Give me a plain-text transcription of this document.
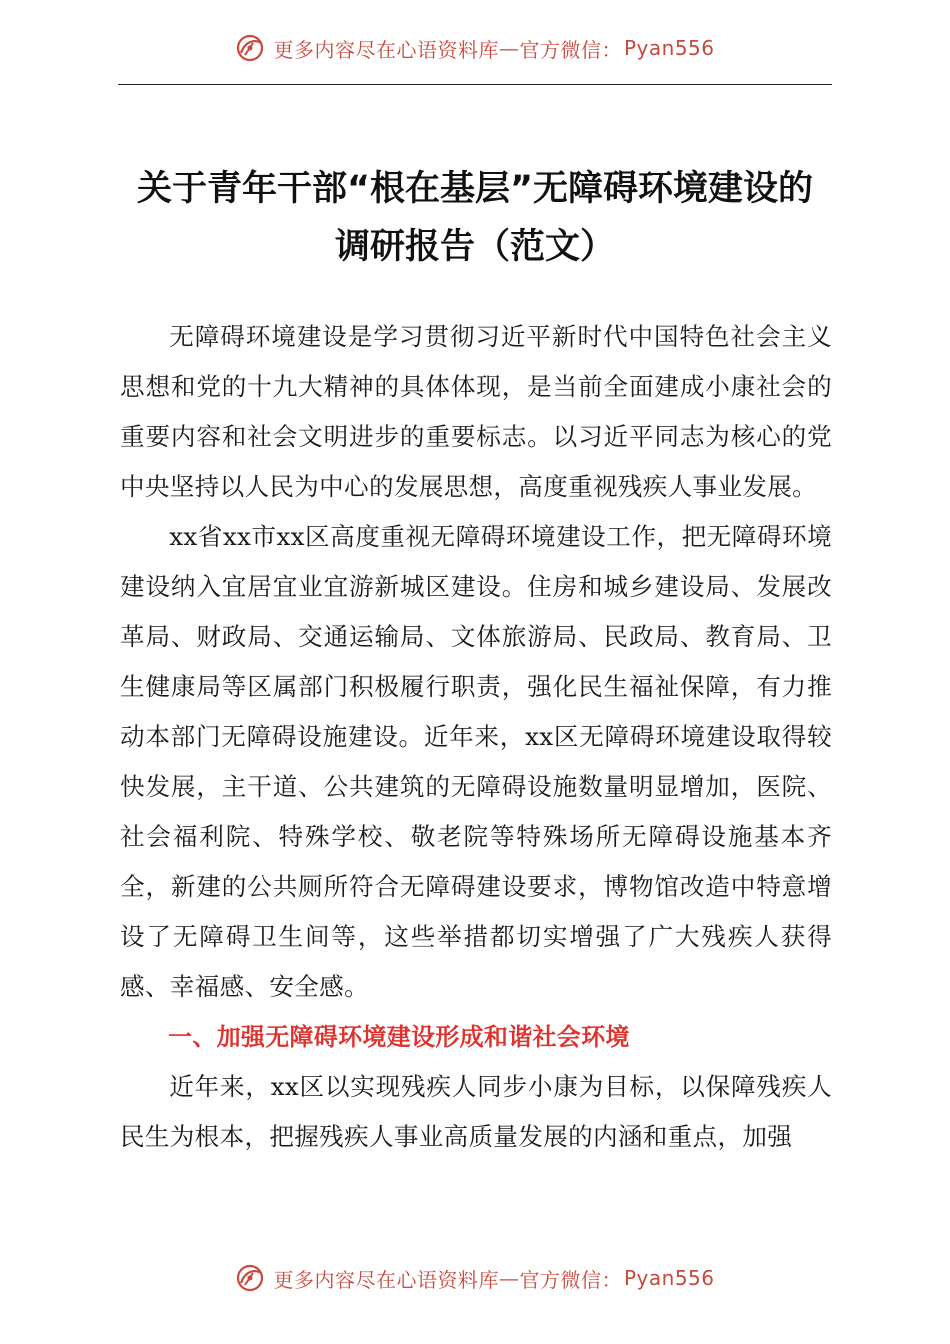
更多内容尽在心语资料库 — 官方微信： Pyan556
关于青年干部“根在基层”无障碍环境建设的
调研报告（范文）

无障碍环境建设是学习贯彻习近平新时代中国特色社会主义思想和党的十九大精神的具体体现，是当前全面建成小康社会的重要内容和社会文明进步的重要标志。以习近平同志为核心的党中央坚持以人民为中心的发展思想，高度重视残疾人事业发展。

xx省xx市xx区高度重视无障碍环境建设工作，把无障碍环境建设纳入宜居宜业宜游新城区建设。住房和城乡建设局、发展改革局、财政局、交通运输局、文体旅游局、民政局、教育局、卫生健康局等区属部门积极履行职责，强化民生福祉保障，有力推动本部门无障碍设施建设。近年来，xx区无障碍环境建设取得较快发展，主干道、公共建筑的无障碍设施数量明显增加，医院、社会福利院、特殊学校、敬老院等特殊场所无障碍设施基本齐全，新建的公共厕所符合无障碍建设要求，博物馆改造中特意增设了无障碍卫生间等，这些举措都切实增强了广大残疾人获得感、幸福感、安全感。

一、加强无障碍环境建设形成和谐社会环境

近年来，xx区以实现残疾人同步小康为目标，以保障残疾人民生为根本，把握残疾人事业高质量发展的内涵和重点，加强

更多内容尽在心语资料库 — 官方微信： Pyan556
